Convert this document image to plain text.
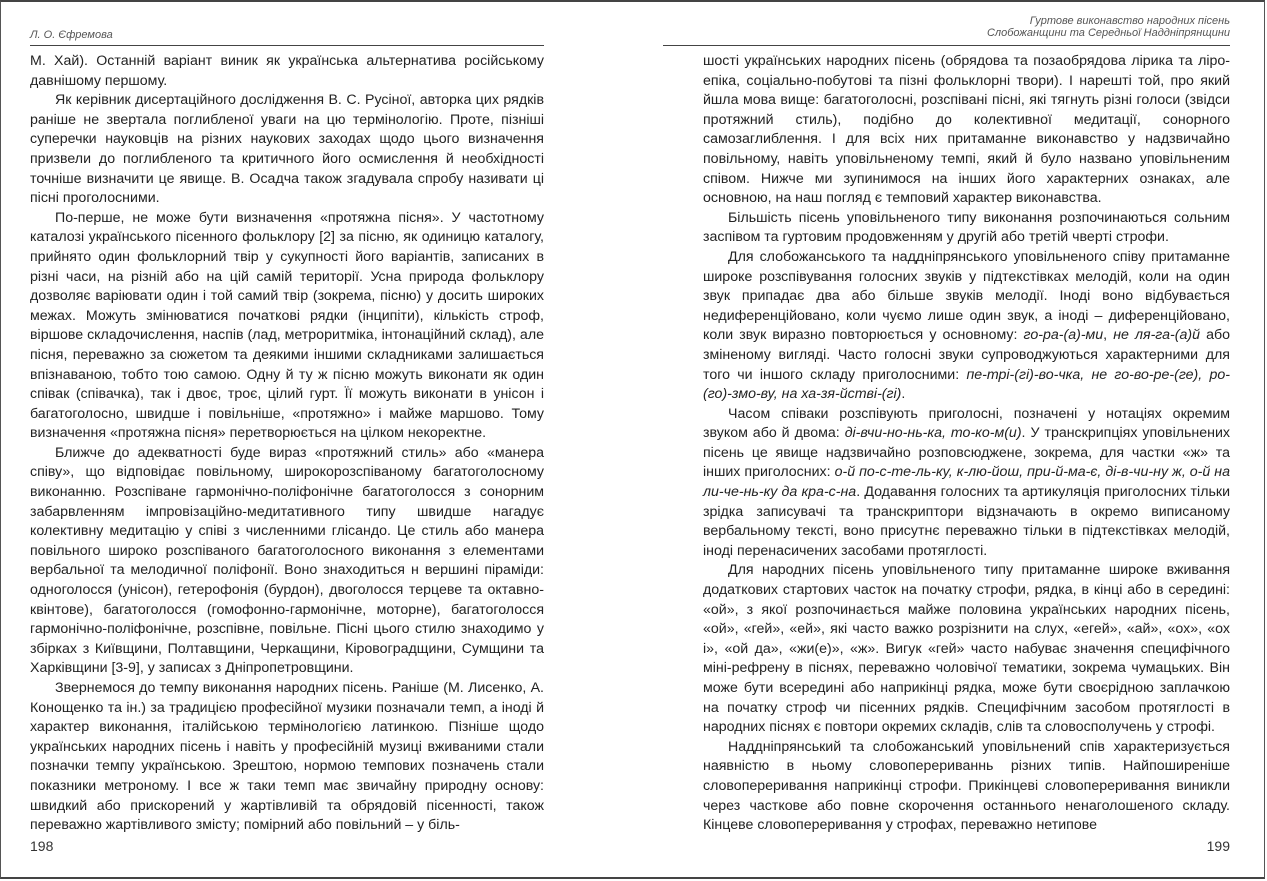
Л. О. Єфремова

М. Хай). Останній варіант виник як українська альтернатива російському давнішому першому.

Як керівник дисертаційного дослідження В. С. Русіної, авторка цих рядків раніше не звертала поглибленої уваги на цю термінологію. Проте, пізніші суперечки науковців на різних наукових заходах щодо цього визначення призвели до поглибленого та критичного його осмислення й необхідності точніше визначити це явище. В. Осадча також згадувала спробу називати ці пісні проголосними.

По-перше, не може бути визначення «протяжна пісня». У частотному каталозі українського пісенного фольклору [2] за пісню, як одиницю каталогу, прийнято один фольклорний твір у сукупності його варіантів, записаних в різні часи, на різній або на цій самій території. Усна природа фольклору дозволяє варіювати один і той самий твір (зокрема, пісню) у досить широких межах. Можуть змінюватися початкові рядки (інципіти), кількість строф, віршове складочислення, наспів (лад, метроритміка, інтонаційний склад), але пісня, переважно за сюжетом та деякими іншими складниками залишається впізнаваною, тобто тою самою. Одну й ту ж пісню можуть виконати як один співак (співачка), так і двоє, троє, цілий гурт. Її можуть виконати в унісон і багатоголосно, швидше і повільніше, «протяжно» і майже маршово. Тому визначення «протяжна пісня» перетворюється на цілком некоректне.

Ближче до адекватності буде вираз «протяжний стиль» або «манера співу», що відповідає повільному, широкорозспіваному багатоголосному виконанню. Розспіване гармонічно-поліфонічне багатоголосся з сонорним забарвленням імпровізаційно-медитативного типу швидше нагадує колективну медитацію у співі з численними глісандо. Це стиль або манера повільного широко розспіваного багатоголосного виконання з елементами вербальної та мелодичної поліфонії. Воно знаходиться н вершині піраміди: одноголосся (унісон), гетерофонія (бурдон), двоголосся терцеве та октавно-квінтове), багатоголосся (гомофонно-гармонічне, моторне), багатоголосся гармонічно-поліфонічне, розспівне, повільне. Пісні цього стилю знаходимо у збірках з Київщини, Полтавщини, Черкащини, Кіровоградщини, Сумщини та Харківщини [3-9], у записах з Дніпропетровщини.

Звернемося до темпу виконання народних пісень. Раніше (М. Лисенко, А. Конощенко та ін.) за традицією професійної музики позначали темп, а іноді й характер виконання, італійською термінологією латинкою. Пізніше щодо українських народних пісень і навіть у професійній музиці вживаними стали позначки темпу українською. Зрештою, нормою темпових позначень стали показники метроному. І все ж таки темп має звичайну природну основу: швидкий або прискорений у жартівливій та обрядовій пісенності, також переважно жартівливого змісту; помірний або повільний – у біль-

198
Гуртове виконавство народних пісень
Слобожанщини та Середньої Наддніпрянщини

шості українських народних пісень (обрядова та позаобрядова лірика та ліро-епіка, соціально-побутові та пізні фольклорні твори). І нарешті той, про який йшла мова вище: багатоголосні, розспівані пісні, які тягнуть різні голоси (звідси протяжний стиль), подібно до колективної медитації, сонорного самозаглиблення. І для всіх них притаманне виконавство у надзвичайно повільному, навіть уповільненому темпі, який й було названо уповільненим співом. Нижче ми зупинимося на інших його характерних ознаках, але основною, на наш погляд є темповий характер виконавства.

Більшість пісень уповільненого типу виконання розпочинаються сольним заспівом та гуртовим продовженням у другій або третій чверті строфи.

Для слобожанського та наддніпрянського уповільненого співу притаманне широке розспівування голосних звуків у підтекстівках мелодій, коли на один звук припадає два або більше звуків мелодії. Іноді воно відбувається недиференційовано, коли чуємо лише один звук, а іноді – диференційовано, коли звук виразно повторюється у основному: го-ра-(а)-ми, не ля-га-(а)й або зміненому вигляді. Часто голосні звуки супроводжуються характерними для того чи іншого складу приголосними: пе-трі-(гі)-во-чка, не го-во-ре-(ге), ро-(го)-змо-ву, на ха-зя-йстві-(гі).

Часом співаки розспівують приголосні, позначені у нотаціях окремим звуком або й двома: ді-вчи-но-нь-ка, то-ко-м(и). У транскрипціях уповільнених пісень це явище надзвичайно розповсюджене, зокрема, для частки «ж» та інших приголосних: о-й по-с-те-ль-ку, к-лю-йош, при-й-ма-є, ді-в-чи-ну ж, о-й на ли-че-нь-ку да кра-с-на. Додавання голосних та артикуляція приголосних тільки зрідка записувачі та транскриптори відзначають в окремо виписаному вербальному тексті, воно присутнє переважно тільки в підтекстівках мелодій, іноді перенасичених засобами протяглості.

Для народних пісень уповільненого типу притаманне широке вживання додаткових стартових часток на початку строфи, рядка, в кінці або в середині: «ой», з якої розпочинається майже половина українських народних пісень, «ой», «гей», «ей», які часто важко розрізнити на слух, «егей», «ай», «ох», «ох і», «ой да», «жи(е)», «ж». Вигук «гей» часто набуває значення специфічного міні-рефрену в піснях, переважно чоловічої тематики, зокрема чумацьких. Він може бути всередині або наприкінці рядка, може бути своєрідною заплачкою на початку строф чи пісенних рядків. Специфічним засобом протяглості в народних піснях є повтори окремих складів, слів та словосполучень у строфі.

Наддніпрянський та слобожанський уповільнений спів характеризується наявністю в ньому словоперериваннь різних типів. Найпоширеніше словопереривання наприкінці строфи. Прикінцеві словопереривання виникли через часткове або повне скорочення останнього ненаголошеного складу. Кінцеве словопереривання у строфах, переважно нетипове

199
